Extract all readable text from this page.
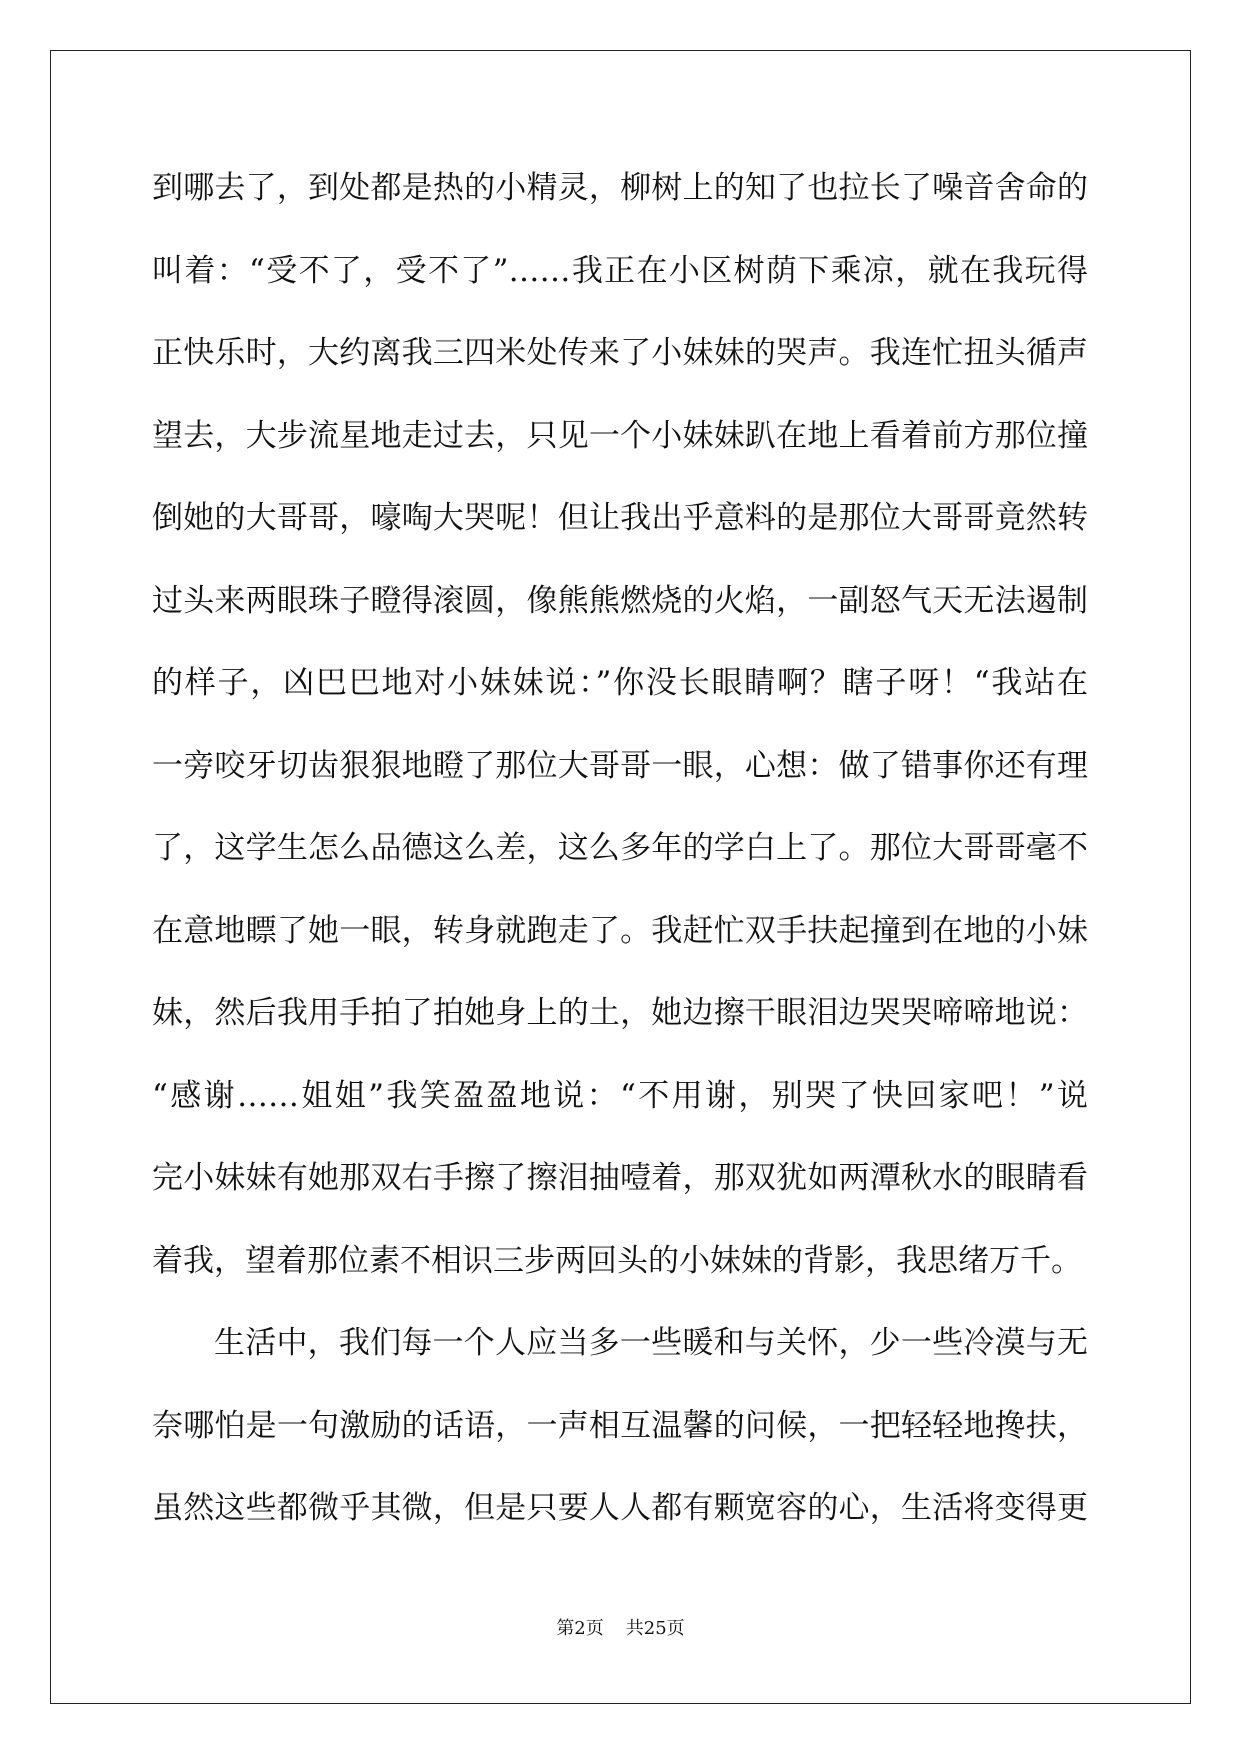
到哪去了，到处都是热的小精灵，柳树上的知了也拉长了噪音舍命的
叫着：“受不了，受不了”……我正在小区树荫下乘凉，就在我玩得
正快乐时，大约离我三四米处传来了小妹妹的哭声。我连忙扭头循声
望去，大步流星地走过去，只见一个小妹妹趴在地上看着前方那位撞
倒她的大哥哥，嚎啕大哭呢！但让我出乎意料的是那位大哥哥竟然转
过头来两眼珠子瞪得滚圆，像熊熊燃烧的火焰，一副怒气天无法遏制
的样子，凶巴巴地对小妹妹说：”你没长眼睛啊？瞎子呀！“我站在
一旁咬牙切齿狠狠地瞪了那位大哥哥一眼，心想：做了错事你还有理
了，这学生怎么品德这么差，这么多年的学白上了。那位大哥哥毫不
在意地瞟了她一眼，转身就跑走了。我赶忙双手扶起撞到在地的小妹
妹，然后我用手拍了拍她身上的土，她边擦干眼泪边哭哭啼啼地说：
“感谢……姐姐”我笑盈盈地说：“不用谢，别哭了快回家吧！”说
完小妹妹有她那双右手擦了擦泪抽噎着，那双犹如两潭秋水的眼睛看
着我，望着那位素不相识三步两回头的小妹妹的背影，我思绪万千。
生活中，我们每一个人应当多一些暖和与关怀，少一些冷漠与无
奈哪怕是一句激励的话语，一声相互温馨的问候，一把轻轻地搀扶，
虽然这些都微乎其微，但是只要人人都有颗宽容的心，生活将变得更
第2页 共25页
